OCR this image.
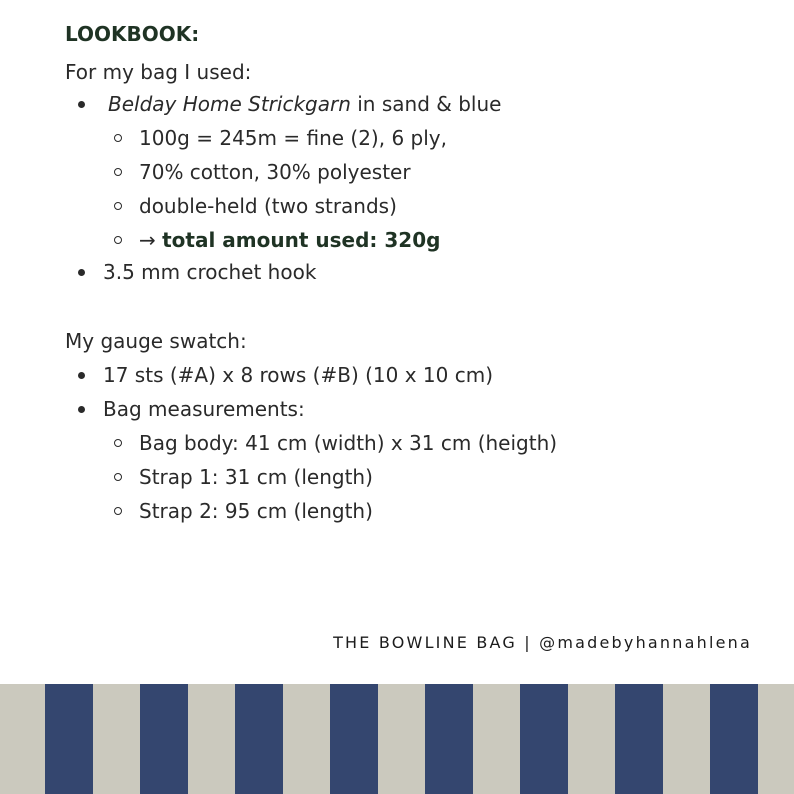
LOOKBOOK:
For my bag I used:
Belday Home Strickgarn in sand & blue
100g = 245m = fine (2), 6 ply,
70% cotton, 30% polyester
double-held (two strands)
→ total amount used: 320g
3.5 mm crochet hook
My gauge swatch:
17 sts (#A) x 8 rows (#B) (10 x 10 cm)
Bag measurements:
Bag body: 41 cm (width) x 31 cm (heigth)
Strap 1: 31 cm (length)
Strap 2: 95 cm (length)
THE BOWLINE BAG | @madebyhannahlena
